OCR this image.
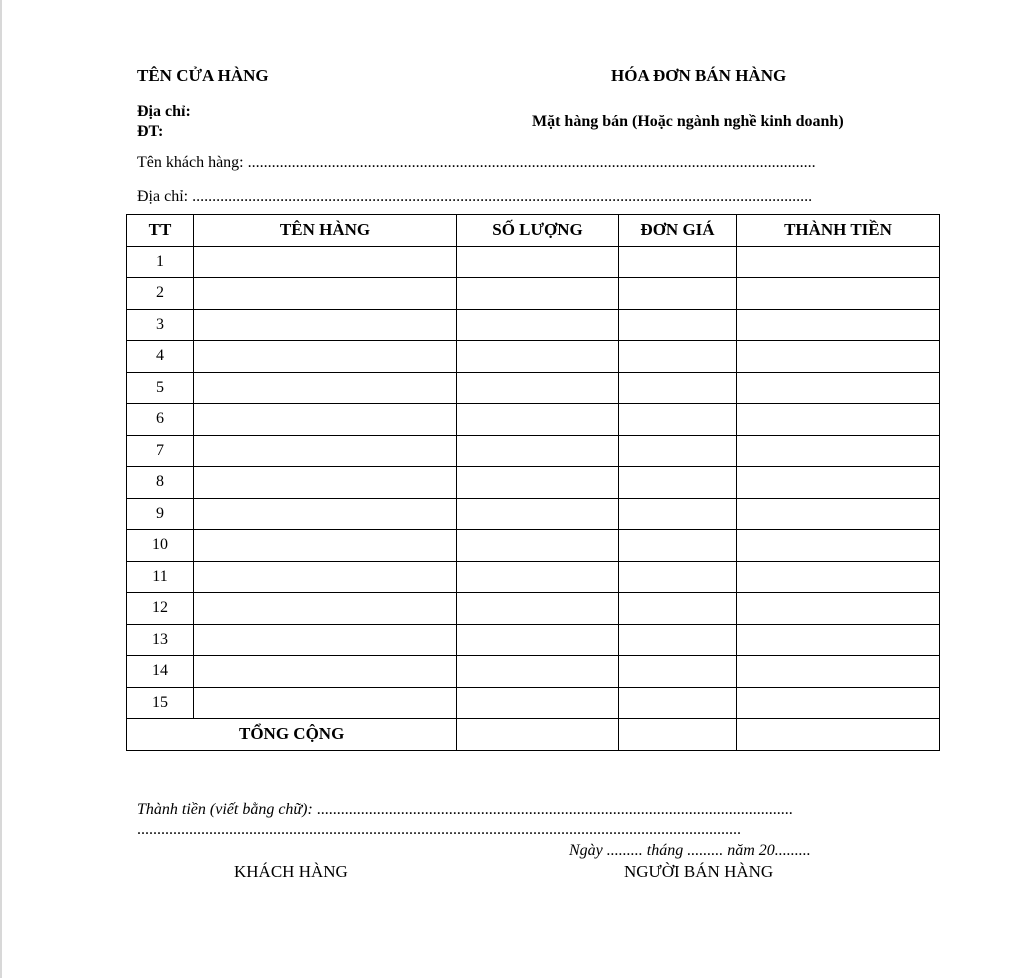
TÊN CỬA HÀNG	HÓA ĐƠN BÁN HÀNG
Địa chỉ:
ĐT:
Mặt hàng bán (Hoặc ngành nghề kinh doanh)
Tên khách hàng: ..............................................................................................................................................
Địa chỉ: ...........................................................................................................................................................
TT	TÊN HÀNG	SỐ LƯỢNG	ĐƠN GIÁ	THÀNH TIỀN
1				
2				
3				
4				
5				
6				
7				
8				
9				
10				
11				
12				
13				
14				
15				
TỔNG CỘNG				
Thành tiền (viết bằng chữ): .......................................................................................................................
.......................................................................................................................................................
Ngày ......... tháng ......... năm 20.........
KHÁCH HÀNG	NGƯỜI BÁN HÀNG
